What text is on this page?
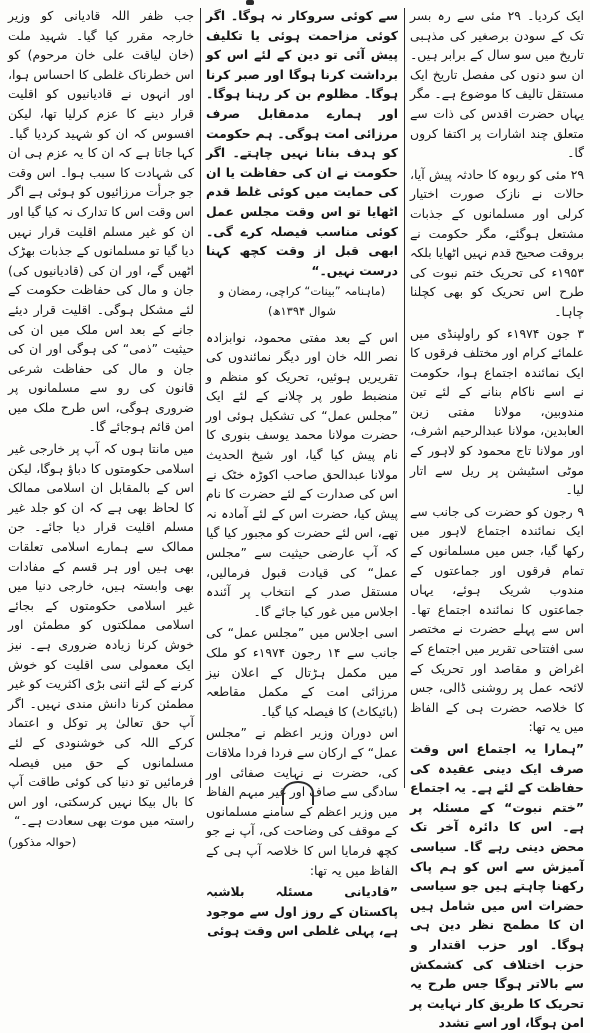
ایک کردیا۔ ۲۹ مئی سے رہ بسر تک کے سودن برصغیر کی مذہبی تاریخ میں سو سال کے برابر ہیں۔ ان سو دنوں کی مفصل تاریخ ایک مستقل تالیف کا موضوع ہے۔ مگر یہاں حضرت اقدس کی ذات سے متعلق چند اشارات پر اکتفا کروں گا۔

۲۹ مئی کو ربوہ کا حادثہ پیش آیا، حالات نے نازک صورت اختیار کرلی اور مسلمانوں کے جذبات مشتعل ہوگئے، مگر حکومت نے بروقت صحیح قدم نہیں اٹھایا بلکہ ۱۹۵۳ء کی تحریک ختم نبوت کی طرح اس تحریک کو بھی کچلنا چاہا۔

۳ جون ۱۹۷۴ء کو راولپنڈی میں علمائے کرام اور مختلف فرقوں کا ایک نمائندہ اجتماع ہوا، حکومت نے اسے ناکام بنانے کے لئے تین مندوبین، مولانا مفتی زین العابدین، مولانا عبدالرحیم اشرف، اور مولانا تاج محمود کو لاہور کے موٹی اسٹیشن پر ریل سے اتار لیا۔

۹ رجون کو حضرت کی جانب سے ایک نمائندہ اجتماع لاہور میں رکھا گیا، جس میں مسلمانوں کے تمام فرقوں اور جماعتوں کے مندوب شریک ہوئے، یہاں جماعتوں کا نمائندہ اجتماع تھا۔ اس سے پہلے حضرت نے مختصر سی افتتاحی تقریر میں اجتماع کے اغراض و مقاصد اور تحریک کے لائحہ عمل پر روشنی ڈالی، جس کا خلاصہ حضرت ہی کے الفاظ میں یہ تھا:

”ہمارا یہ اجتماع اس وقت صرف ایک دینی عقیدہ کی حفاظت کے لئے ہے۔ یہ اجتماع ”ختم نبوت“ کے مسئلہ پر ہے۔ اس کا دائرہ آخر تک محض دینی رہے گا۔ سیاسی آمیزش سے اس کو ہم پاک رکھنا چاہتے ہیں جو سیاسی حضرات اس میں شامل ہیں ان کا مطمح نظر دین ہی ہوگا۔ اور حزب اقتدار و حزب اختلاف کی کشمکش سے بالاتر ہوگا جس طرح یہ تحریک کا طریق کار نہایت پر امن ہوگا، اور اسے تشدد

سے کوئی سروکار نہ ہوگا۔ اگر کوئی مزاحمت ہوئی یا تکلیف پیش آئی تو دین کے لئے اس کو برداشت کرنا ہوگا اور صبر کرنا ہوگا۔ مظلوم بن کر رہنا ہوگا۔ اور ہمارے مدمقابل صرف مرزائی امت ہوگی۔ ہم حکومت کو ہدف بنانا نہیں چاہتے۔ اگر حکومت نے ان کی حفاظت یا ان کی حمایت میں کوئی غلط قدم اٹھایا تو اس وقت مجلس عمل کوئی مناسب فیصلہ کرے گی۔ ابھی قبل از وقت کچھ کہنا درست نہیں۔“

(ماہنامہ ”بینات“ کراچی، رمضان و شوال ۱۳۹۴ھ)

اس کے بعد مفتی محمود، نوابزادہ نصر اللہ خان اور دیگر نمائندوں کی تقریریں ہوئیں، تحریک کو منظم و منضبط طور پر چلانے کے لئے ایک ”مجلس عمل“ کی تشکیل ہوئی اور حضرت مولانا محمد یوسف بنوری کا نام پیش کیا گیا، اور شیخ الحدیث مولانا عبدالحق صاحب اکوڑہ خٹک نے اس کی صدارت کے لئے حضرت کا نام پیش کیا، حضرت اس کے لئے آمادہ نہ تھے، اس لئے حضرت کو مجبور کیا گیا کہ آپ عارضی حیثیت سے ”مجلس عمل“ کی قیادت قبول فرمالیں، مستقل صدر کے انتخاب پر آئندہ اجلاس میں غور کیا جائے گا۔

اسی اجلاس میں ”مجلس عمل“ کی جانب سے ۱۴ رجون ۱۹۷۴ء کو ملک میں مکمل ہڑتال کے اعلان نیز مرزائی امت کے مکمل مقاطعہ (بائیکاٹ) کا فیصلہ کیا گیا۔

اس دوران وزیر اعظم نے ”مجلس عمل“ کے ارکان سے فردا فردا ملاقات کی، حضرت نے نہایت صفائی اور سادگی سے صاف اور غیر مبہم الفاظ میں وزیر اعظم کے سامنے مسلمانوں کے موقف کی وضاحت کی، آپ نے جو کچھ فرمایا اس کا خلاصہ آپ ہی کے الفاظ میں یہ تھا:

”قادیانی مسئلہ بلاشبہ پاکستان کے روز اول سے موجود ہے، پہلی غلطی اس وقت ہوئی

جب ظفر اللہ قادیانی کو وزیر خارجہ مقرر کیا گیا۔ شہید ملت (خان لیاقت علی خان مرحوم) کو اس خطرناک غلطی کا احساس ہوا، اور انہوں نے قادیانیوں کو اقلیت قرار دینے کا عزم کرلیا تھا، لیکن افسوس کہ ان کو شہید کردیا گیا۔ کہا جاتا ہے کہ ان کا یہ عزم ہی ان کی شہادت کا سبب ہوا۔ اس وقت جو جرأت مرزائیوں کو ہوئی ہے اگر اس وقت اس کا تدارک نہ کیا گیا اور ان کو غیر مسلم اقلیت قرار نہیں دیا گیا تو مسلمانوں کے جذبات بھڑک اٹھیں گے، اور ان کی (قادیانیوں کی) جان و مال کی حفاظت حکومت کے لئے مشکل ہوگی۔ اقلیت قرار دیئے جانے کے بعد اس ملک میں ان کی حیثیت ”ذمی“ کی ہوگی اور ان کی جان و مال کی حفاظت شرعی قانون کی رو سے مسلمانوں پر ضروری ہوگی، اس طرح ملک میں امن قائم ہوجائے گا۔

میں مانتا ہوں کہ آپ پر خارجی غیر اسلامی حکومتوں کا دباؤ ہوگا، لیکن اس کے بالمقابل ان اسلامی ممالک کا لحاظ بھی ہے کہ ان کو جلد غیر مسلم اقلیت قرار دیا جائے۔ جن ممالک سے ہمارے اسلامی تعلقات بھی ہیں اور ہر قسم کے مفادات بھی وابستہ ہیں، خارجی دنیا میں غیر اسلامی حکومتوں کے بجائے اسلامی مملکتوں کو مطمئن اور خوش کرنا زیادہ ضروری ہے۔ نیز ایک معمولی سی اقلیت کو خوش کرنے کے لئے اتنی بڑی اکثریت کو غیر مطمئن کرنا دانش مندی نہیں۔ اگر آپ حق تعالیٰ پر توکل و اعتماد کرکے اللہ کی خوشنودی کے لئے مسلمانوں کے حق میں فیصلہ فرمائیں تو دنیا کی کوئی طاقت آپ کا بال بیکا نہیں کرسکتی، اور اس راستہ میں موت بھی سعادت ہے۔“

(حوالہ مذکور)
